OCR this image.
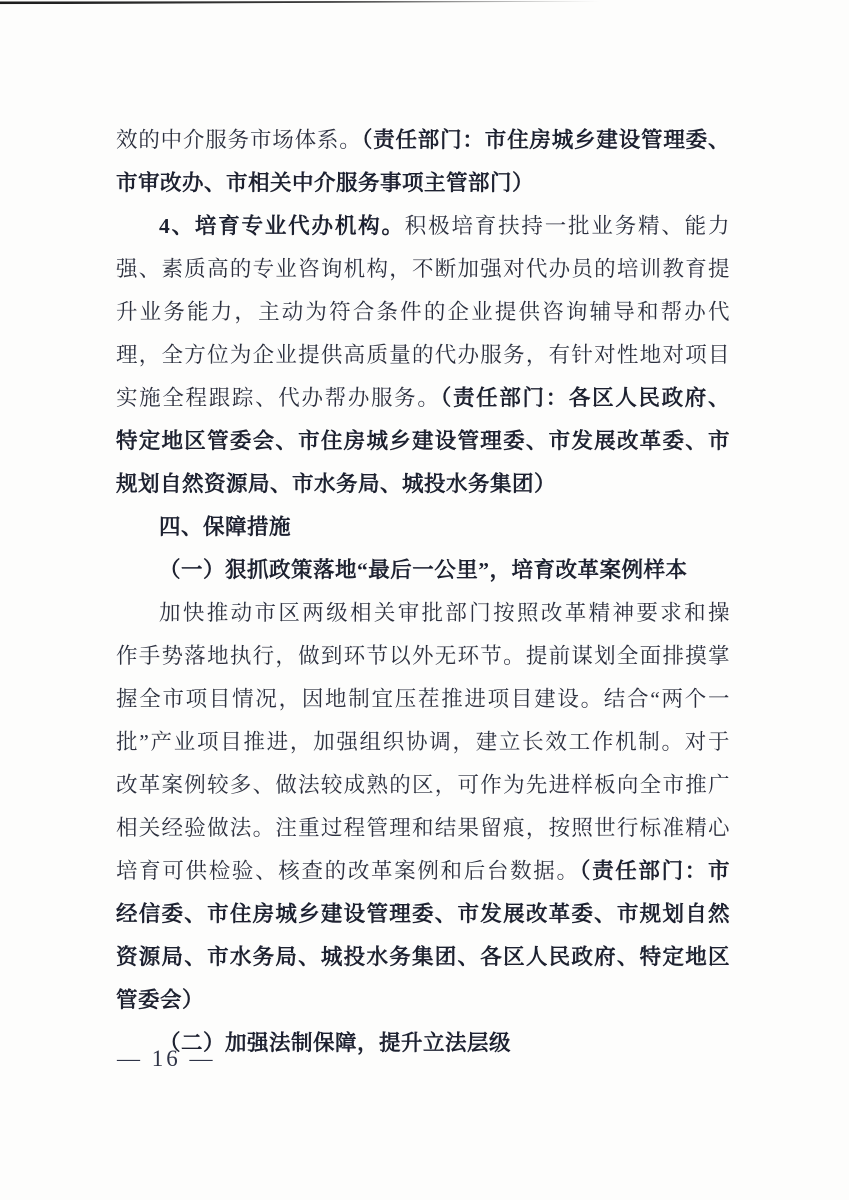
效的中介服务市场体系。（责任部门：市住房城乡建设管理委、
市审改办、市相关中介服务事项主管部门）
4、培育专业代办机构。积极培育扶持一批业务精、能力
强、素质高的专业咨询机构，不断加强对代办员的培训教育提
升业务能力，主动为符合条件的企业提供咨询辅导和帮办代
理，全方位为企业提供高质量的代办服务，有针对性地对项目
实施全程跟踪、代办帮办服务。（责任部门：各区人民政府、
特定地区管委会、市住房城乡建设管理委、市发展改革委、市
规划自然资源局、市水务局、城投水务集团）
四、保障措施
（一）狠抓政策落地“最后一公里”，培育改革案例样本
加快推动市区两级相关审批部门按照改革精神要求和操
作手势落地执行，做到环节以外无环节。提前谋划全面排摸掌
握全市项目情况，因地制宜压茬推进项目建设。结合“两个一
批”产业项目推进，加强组织协调，建立长效工作机制。对于
改革案例较多、做法较成熟的区，可作为先进样板向全市推广
相关经验做法。注重过程管理和结果留痕，按照世行标准精心
培育可供检验、核查的改革案例和后台数据。（责任部门：市
经信委、市住房城乡建设管理委、市发展改革委、市规划自然
资源局、市水务局、城投水务集团、各区人民政府、特定地区
管委会）
（二）加强法制保障，提升立法层级
— 16 —
